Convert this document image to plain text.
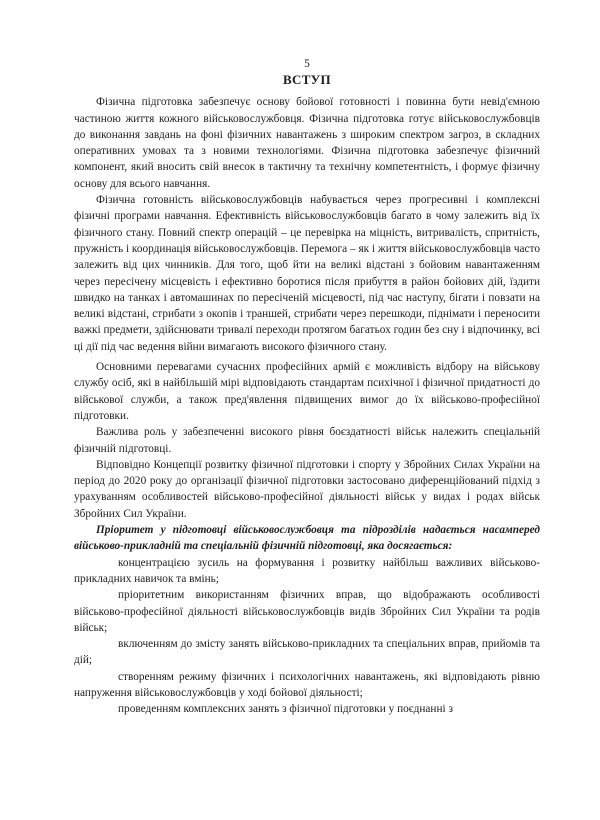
5
ВСТУП

Фізична підготовка забезпечує основу бойової готовності і повинна бути невід'ємною частиною життя кожного військовослужбовця. Фізична підготовка готує військовослужбовців до виконання завдань на фоні фізичних навантажень з широким спектром загроз, в складних оперативних умовах та з новими технологіями. Фізична підготовка забезпечує фізичний компонент, який вносить свій внесок в тактичну та технічну компетентність, і формує фізичну основу для всього навчання.

Фізична готовність військовослужбовців набувається через прогресивні і комплексні фізичні програми навчання. Ефективність військовослужбовців багато в чому залежить від їх фізичного стану. Повний спектр операцій – це перевірка на міцність, витривалість, спритність, пружність і координація військовослужбовців. Перемога – як і життя військовослужбовців часто залежить від цих чинників. Для того, щоб йти на великі відстані з бойовим навантаженням через пересічену місцевість і ефективно боротися після прибуття в район бойових дій, їздити швидко на танках і автомашинах по пересіченій місцевості, під час наступу, бігати і повзати на великі відстані, стрибати з окопів і траншей, стрибати через перешкоди, піднімати і переносити важкі предмети, здійснювати тривалі переходи протягом багатьох годин без сну і відпочинку, всі ці дії під час ведення війни вимагають високого фізичного стану.

Основними перевагами сучасних професійних армій є можливість відбору на військову службу осіб, які в найбільшій мірі відповідають стандартам психічної і фізичної придатності до військової служби, а також пред'явлення підвищених вимог до їх військово-професійної підготовки.

Важлива роль у забезпеченні високого рівня боєздатності військ належить спеціальній фізичній підготовці.

Відповідно Концепції розвитку фізичної підготовки і спорту у Збройних Силах України на період до 2020 року до організації фізичної підготовки застосовано диференційований підхід з урахуванням особливостей військово-професійної діяльності військ у видах і родах військ Збройних Сил України.

Пріоритет у підготовці військовослужбовця та підрозділів надається насамперед військово-прикладній та спеціальній фізичній підготовці, яка досягається:

концентрацією зусиль на формування і розвитку найбільш важливих військово-прикладних навичок та вмінь;

пріоритетним використанням фізичних вправ, що відображають особливості військово-професійної діяльності військовослужбовців видів Збройних Сил України та родів військ;

включенням до змісту занять військово-прикладних та спеціальних вправ, прийомів та дій;

створенням режиму фізичних і психологічних навантажень, які відповідають рівню напруження військовослужбовців у ході бойової діяльності;

проведенням комплексних занять з фізичної підготовки у поєднанні з
